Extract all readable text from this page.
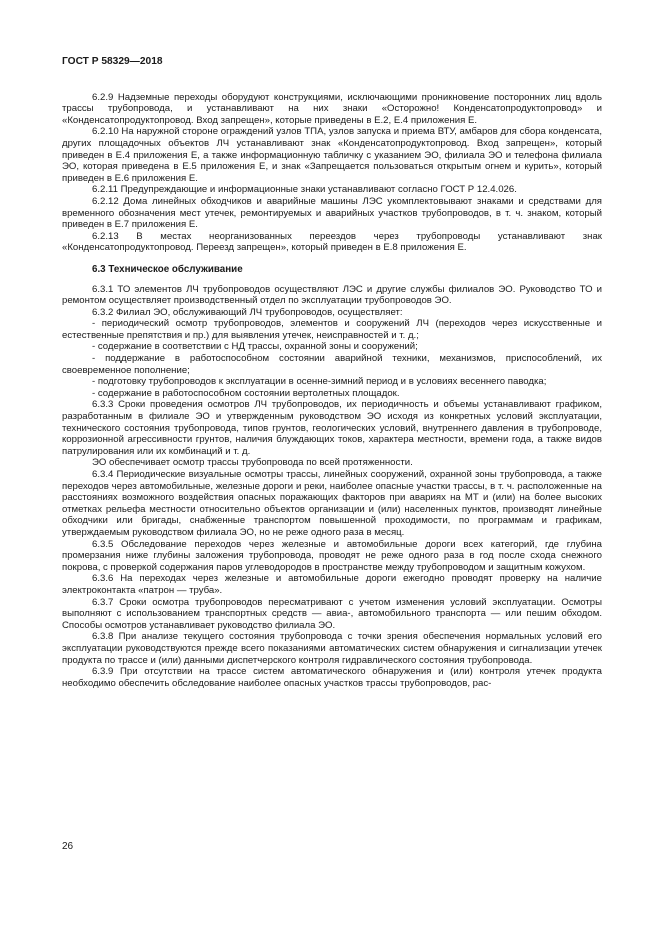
ГОСТ Р 58329—2018

6.2.9 Надземные переходы оборудуют конструкциями, исключающими проникновение посторонних лиц вдоль трассы трубопровода, и устанавливают на них знаки «Осторожно! Конденсатопродуктопровод» и «Конденсатопродуктопровод. Вход запрещен», которые приведены в Е.2, Е.4 приложения Е.

6.2.10 На наружной стороне ограждений узлов ТПА, узлов запуска и приема ВТУ, амбаров для сбора конденсата, других площадочных объектов ЛЧ устанавливают знак «Конденсатопродуктопровод. Вход запрещен», который приведен в Е.4 приложения Е, а также информационную табличку с указанием ЭО, филиала ЭО и телефона филиала ЭО, которая приведена в Е.5 приложения Е, и знак «Запрещается пользоваться открытым огнем и курить», который приведен в Е.6 приложения Е.

6.2.11 Предупреждающие и информационные знаки устанавливают согласно ГОСТ Р 12.4.026.

6.2.12 Дома линейных обходчиков и аварийные машины ЛЭС укомплектовывают знаками и средствами для временного обозначения мест утечек, ремонтируемых и аварийных участков трубопроводов, в т. ч. знаком, который приведен в Е.7 приложения Е.

6.2.13 В местах неорганизованных переездов через трубопроводы устанавливают знак «Конденсатопродуктопровод. Переезд запрещен», который приведен в Е.8 приложения Е.

6.3 Техническое обслуживание

6.3.1 ТО элементов ЛЧ трубопроводов осуществляют ЛЭС и другие службы филиалов ЭО. Руководство ТО и ремонтом осуществляет производственный отдел по эксплуатации трубопроводов ЭО.

6.3.2 Филиал ЭО, обслуживающий ЛЧ трубопроводов, осуществляет:

- периодический осмотр трубопроводов, элементов и сооружений ЛЧ (переходов через искусственные и естественные препятствия и пр.) для выявления утечек, неисправностей и т. д.;

- содержание в соответствии с НД трассы, охранной зоны и сооружений;

- поддержание в работоспособном состоянии аварийной техники, механизмов, приспособлений, их своевременное пополнение;

- подготовку трубопроводов к эксплуатации в осенне-зимний период и в условиях весеннего паводка;

- содержание в работоспособном состоянии вертолетных площадок.

6.3.3 Сроки проведения осмотров ЛЧ трубопроводов, их периодичность и объемы устанавливают графиком, разработанным в филиале ЭО и утвержденным руководством ЭО исходя из конкретных условий эксплуатации, технического состояния трубопровода, типов грунтов, геологических условий, внутреннего давления в трубопроводе, коррозионной агрессивности грунтов, наличия блуждающих токов, характера местности, времени года, а также видов патрулирования или их комбинаций и т. д.

ЭО обеспечивает осмотр трассы трубопровода по всей протяженности.

6.3.4 Периодические визуальные осмотры трассы, линейных сооружений, охранной зоны трубопровода, а также переходов через автомобильные, железные дороги и реки, наиболее опасные участки трассы, в т. ч. расположенные на расстояниях возможного воздействия опасных поражающих факторов при авариях на МТ и (или) на более высоких отметках рельефа местности относительно объектов организации и (или) населенных пунктов, производят линейные обходчики или бригады, снабженные транспортом повышенной проходимости, по программам и графикам, утверждаемым руководством филиала ЭО, но не реже одного раза в месяц.

6.3.5 Обследование переходов через железные и автомобильные дороги всех категорий, где глубина промерзания ниже глубины заложения трубопровода, проводят не реже одного раза в год после схода снежного покрова, с проверкой содержания паров углеводородов в пространстве между трубопроводом и защитным кожухом.

6.3.6 На переходах через железные и автомобильные дороги ежегодно проводят проверку на наличие электроконтакта «патрон — труба».

6.3.7 Сроки осмотра трубопроводов пересматривают с учетом изменения условий эксплуатации. Осмотры выполняют с использованием транспортных средств — авиа-, автомобильного транспорта — или пешим обходом. Способы осмотров устанавливает руководство филиала ЭО.

6.3.8 При анализе текущего состояния трубопровода с точки зрения обеспечения нормальных условий его эксплуатации руководствуются прежде всего показаниями автоматических систем обнаружения и сигнализации утечек продукта по трассе и (или) данными диспетчерского контроля гидравлического состояния трубопровода.

6.3.9 При отсутствии на трассе систем автоматического обнаружения и (или) контроля утечек продукта необходимо обеспечить обследование наиболее опасных участков трассы трубопроводов, рас-

26
